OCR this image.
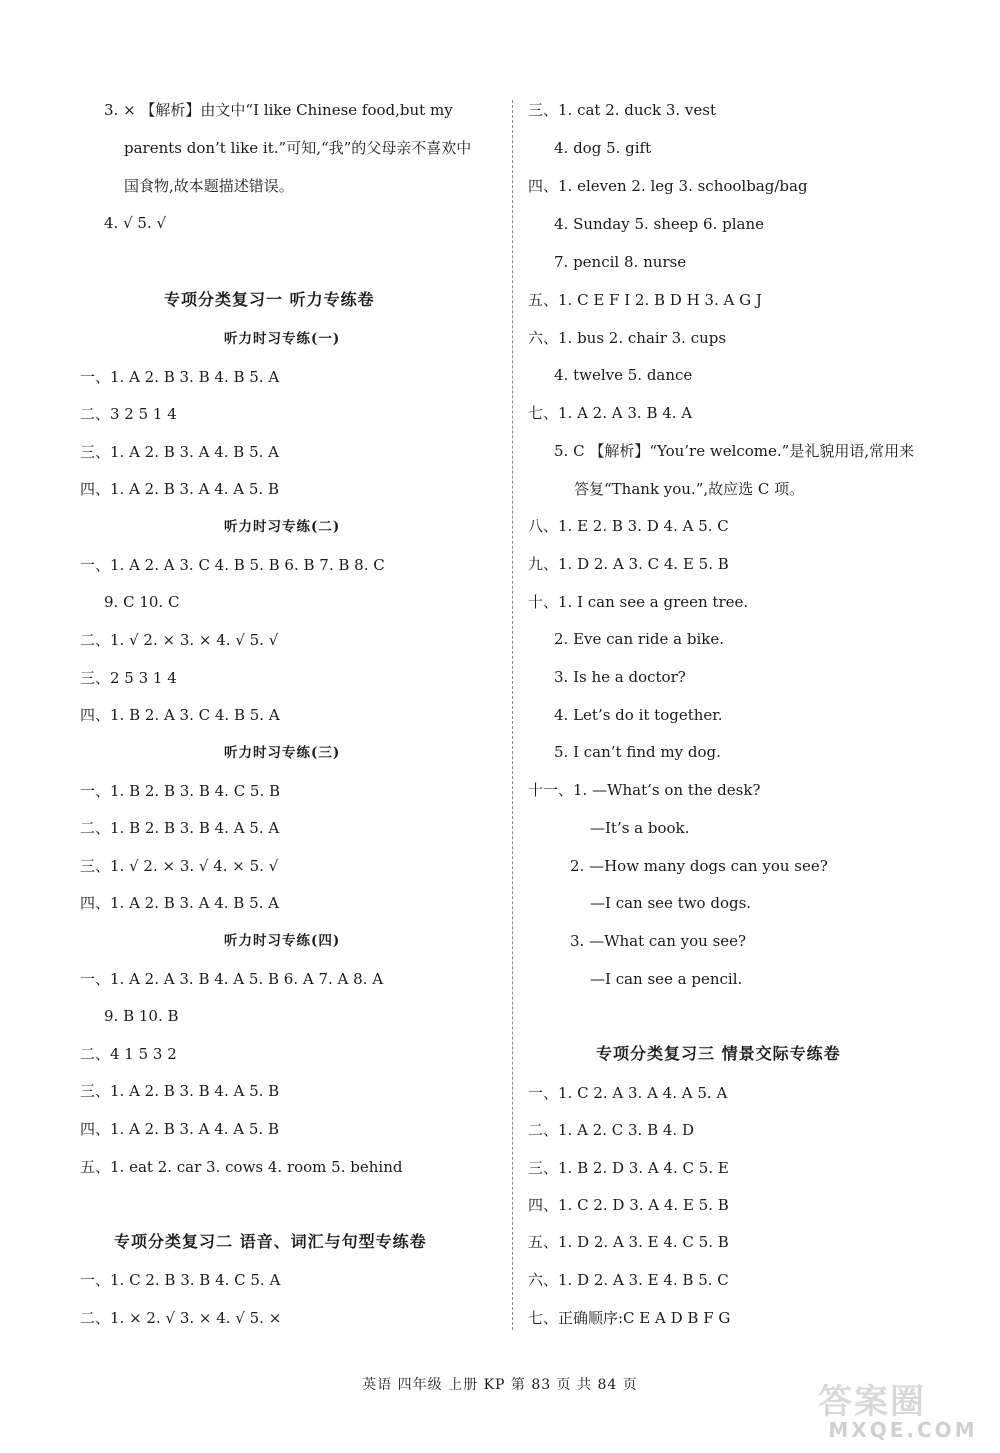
3. × 【解析】由文中“I like Chinese food,but my
parents don’t like it.”可知,“我”的父母亲不喜欢中
国食物,故本题描述错误。
4. √ 5. √
专项分类复习一 听力专练卷
听力时习专练(一)
一、1. A 2. B 3. B 4. B 5. A
二、3 2 5 1 4
三、1. A 2. B 3. A 4. B 5. A
四、1. A 2. B 3. A 4. A 5. B
听力时习专练(二)
一、1. A 2. A 3. C 4. B 5. B 6. B 7. B 8. C
9. C 10. C
二、1. √ 2. × 3. × 4. √ 5. √
三、2 5 3 1 4
四、1. B 2. A 3. C 4. B 5. A
听力时习专练(三)
一、1. B 2. B 3. B 4. C 5. B
二、1. B 2. B 3. B 4. A 5. A
三、1. √ 2. × 3. √ 4. × 5. √
四、1. A 2. B 3. A 4. B 5. A
听力时习专练(四)
一、1. A 2. A 3. B 4. A 5. B 6. A 7. A 8. A
9. B 10. B
二、4 1 5 3 2
三、1. A 2. B 3. B 4. A 5. B
四、1. A 2. B 3. A 4. A 5. B
五、1. eat 2. car 3. cows 4. room 5. behind
专项分类复习二 语音、词汇与句型专练卷
一、1. C 2. B 3. B 4. C 5. A
二、1. × 2. √ 3. × 4. √ 5. ×
三、1. cat 2. duck 3. vest
4. dog 5. gift
四、1. eleven 2. leg 3. schoolbag/bag
4. Sunday 5. sheep 6. plane
7. pencil 8. nurse
五、1. C E F I 2. B D H 3. A G J
六、1. bus 2. chair 3. cups
4. twelve 5. dance
七、1. A 2. A 3. B 4. A
5. C 【解析】“You’re welcome.”是礼貌用语,常用来
答复“Thank you.”,故应选 C 项。
八、1. E 2. B 3. D 4. A 5. C
九、1. D 2. A 3. C 4. E 5. B
十、1. I can see a green tree.
2. Eve can ride a bike.
3. Is he a doctor?
4. Let’s do it together.
5. I can’t find my dog.
十一、1. —What’s on the desk?
—It’s a book.
2. —How many dogs can you see?
—I can see two dogs.
3. —What can you see?
—I can see a pencil.
专项分类复习三 情景交际专练卷
一、1. C 2. A 3. A 4. A 5. A
二、1. A 2. C 3. B 4. D
三、1. B 2. D 3. A 4. C 5. E
四、1. C 2. D 3. A 4. E 5. B
五、1. D 2. A 3. E 4. C 5. B
六、1. D 2. A 3. E 4. B 5. C
七、正确顺序:C E A D B F G
英语 四年级 上册 KP 第 83 页 共 84 页	答案圈
MXQE.COM
